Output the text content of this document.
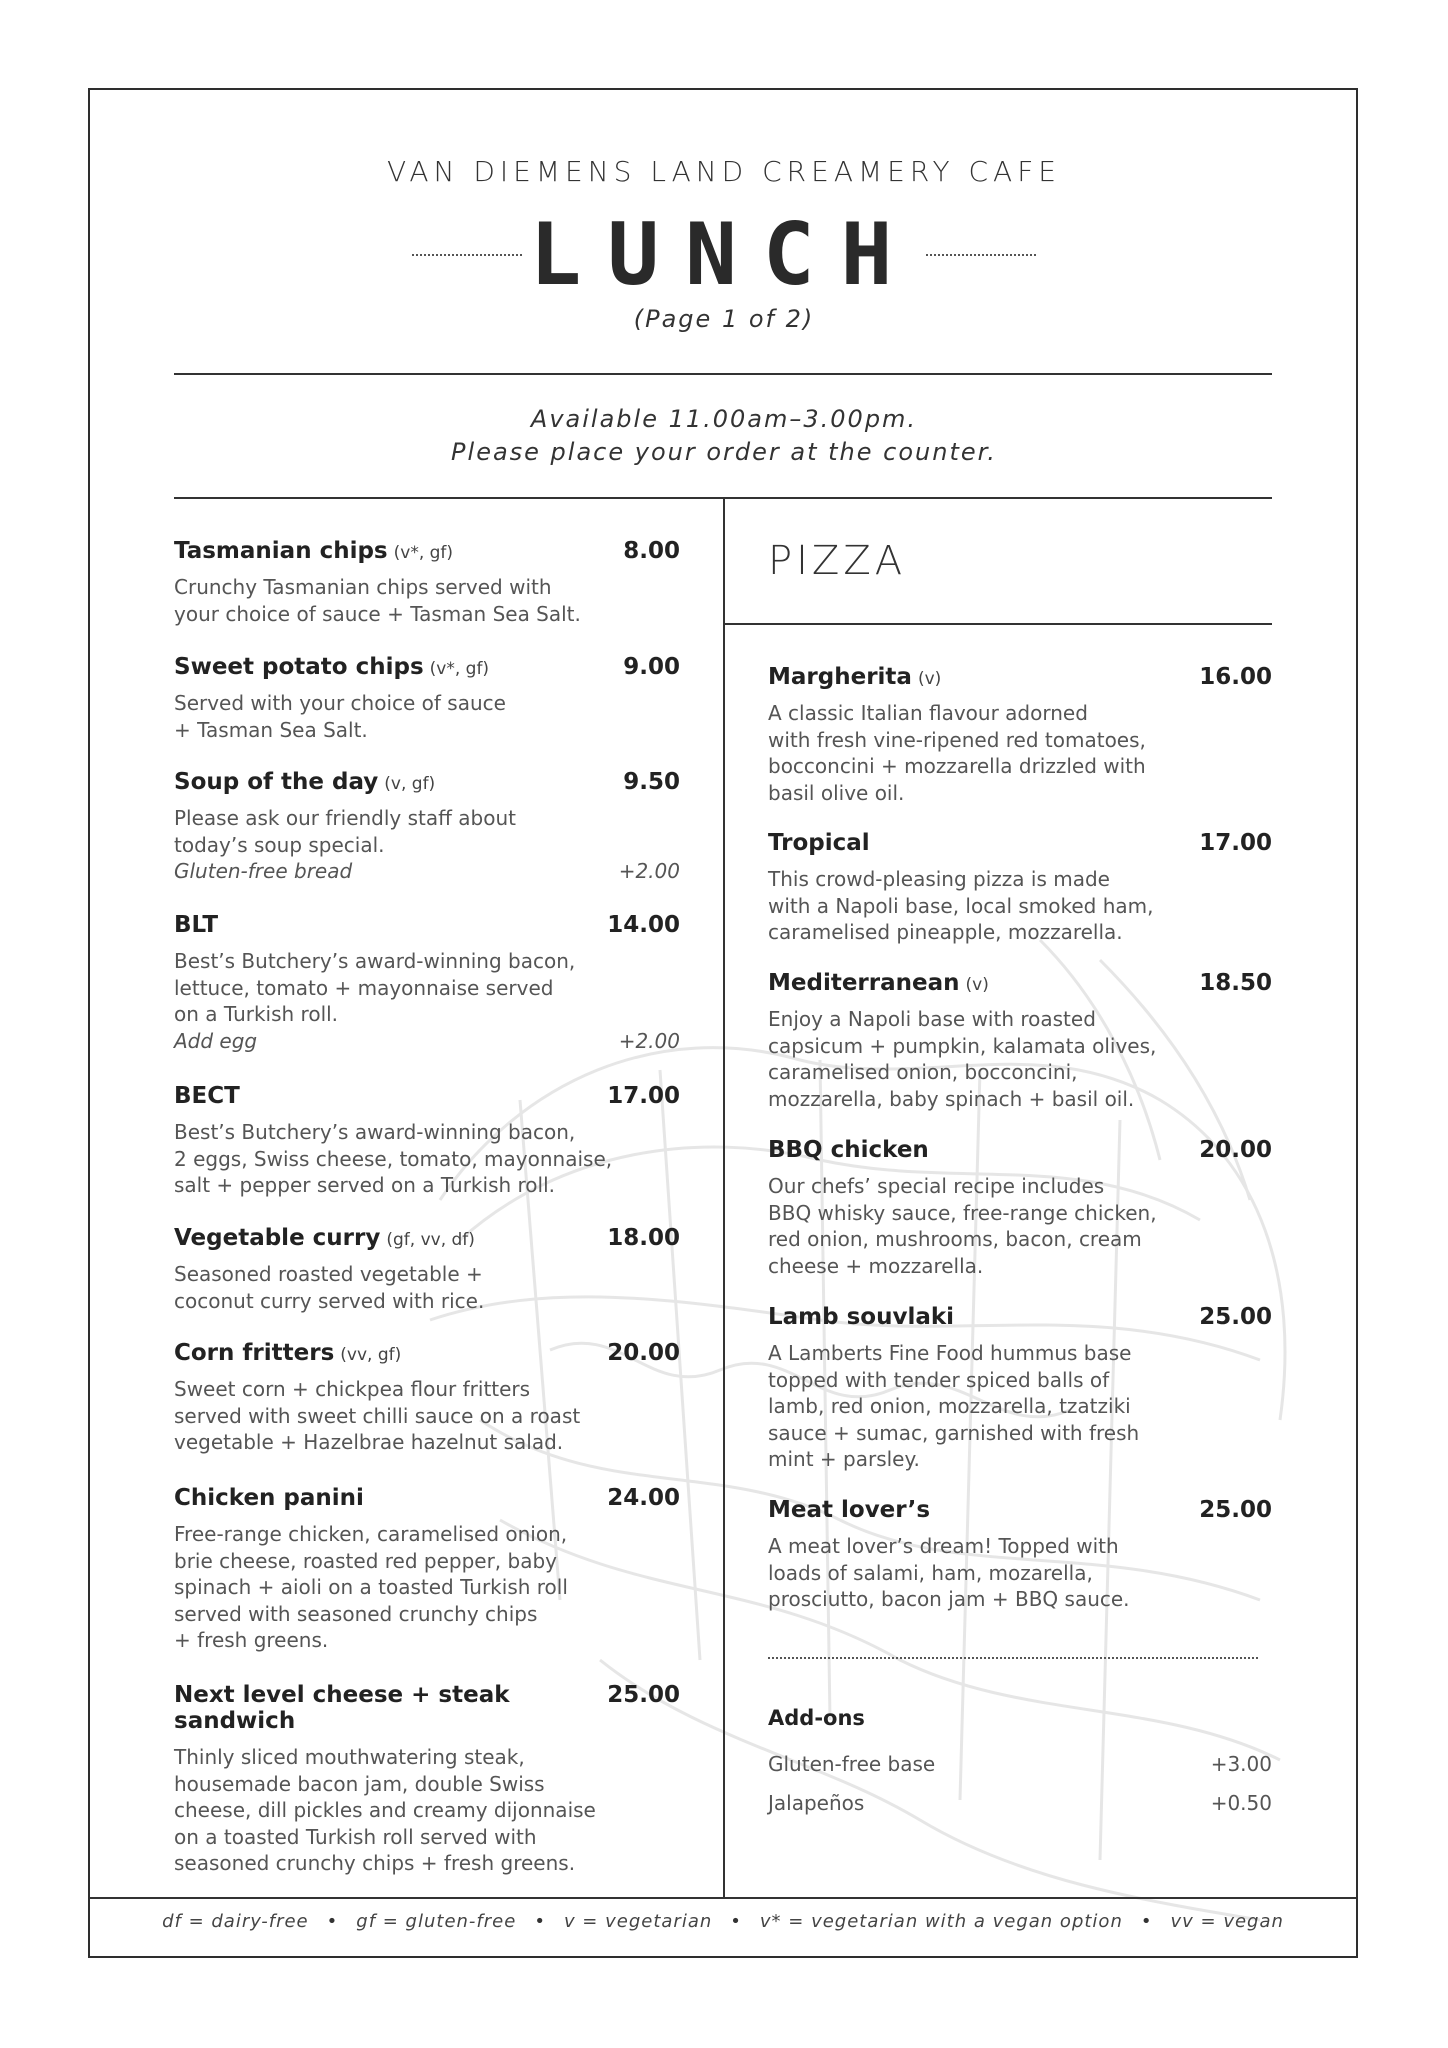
VAN DIEMENS LAND CREAMERY CAFE
LUNCH
(Page 1 of 2)
Available 11.00am–3.00pm.
Please place your order at the counter.
Tasmanian chips (v*, gf)	8.00
Crunchy Tasmanian chips served with
your choice of sauce + Tasman Sea Salt.
Sweet potato chips (v*, gf)	9.00
Served with your choice of sauce
+ Tasman Sea Salt.
Soup of the day (v, gf)	9.50
Please ask our friendly staff about
today’s soup special.
Gluten-free bread	+2.00
BLT	14.00
Best’s Butchery’s award-winning bacon,
lettuce, tomato + mayonnaise served
on a Turkish roll.
Add egg	+2.00
BECT	17.00
Best’s Butchery’s award-winning bacon,
2 eggs, Swiss cheese, tomato, mayonnaise,
salt + pepper served on a Turkish roll.
Vegetable curry (gf, vv, df)	18.00
Seasoned roasted vegetable +
coconut curry served with rice.
Corn fritters (vv, gf)	20.00
Sweet corn + chickpea flour fritters
served with sweet chilli sauce on a roast
vegetable + Hazelbrae hazelnut salad.
Chicken panini	24.00
Free-range chicken, caramelised onion,
brie cheese, roasted red pepper, baby
spinach + aioli on a toasted Turkish roll
served with seasoned crunchy chips
+ fresh greens.
Next level cheese + steak sandwich
25.00
Thinly sliced mouthwatering steak,
housemade bacon jam, double Swiss
cheese, dill pickles and creamy dijonnaise
on a toasted Turkish roll served with
seasoned crunchy chips + fresh greens.
PIZZA
Margherita (v)	16.00
A classic Italian flavour adorned
with fresh vine-ripened red tomatoes,
bocconcini + mozzarella drizzled with
basil olive oil.
Tropical	17.00
This crowd-pleasing pizza is made
with a Napoli base, local smoked ham,
caramelised pineapple, mozzarella.
Mediterranean (v)	18.50
Enjoy a Napoli base with roasted
capsicum + pumpkin, kalamata olives,
caramelised onion, bocconcini,
mozzarella, baby spinach + basil oil.
BBQ chicken	20.00
Our chefs’ special recipe includes
BBQ whisky sauce, free-range chicken,
red onion, mushrooms, bacon, cream
cheese + mozzarella.
Lamb souvlaki	25.00
A Lamberts Fine Food hummus base
topped with tender spiced balls of
lamb, red onion, mozzarella, tzatziki
sauce + sumac, garnished with fresh
mint + parsley.
Meat lover’s	25.00
A meat lover’s dream! Topped with
loads of salami, ham, mozarella,
prosciutto, bacon jam + BBQ sauce.
Add-ons
Gluten-free base	+3.00
Jalapeños	+0.50
df = dairy-free • gf = gluten-free • v = vegetarian • v* = vegetarian with a vegan option • vv = vegan
